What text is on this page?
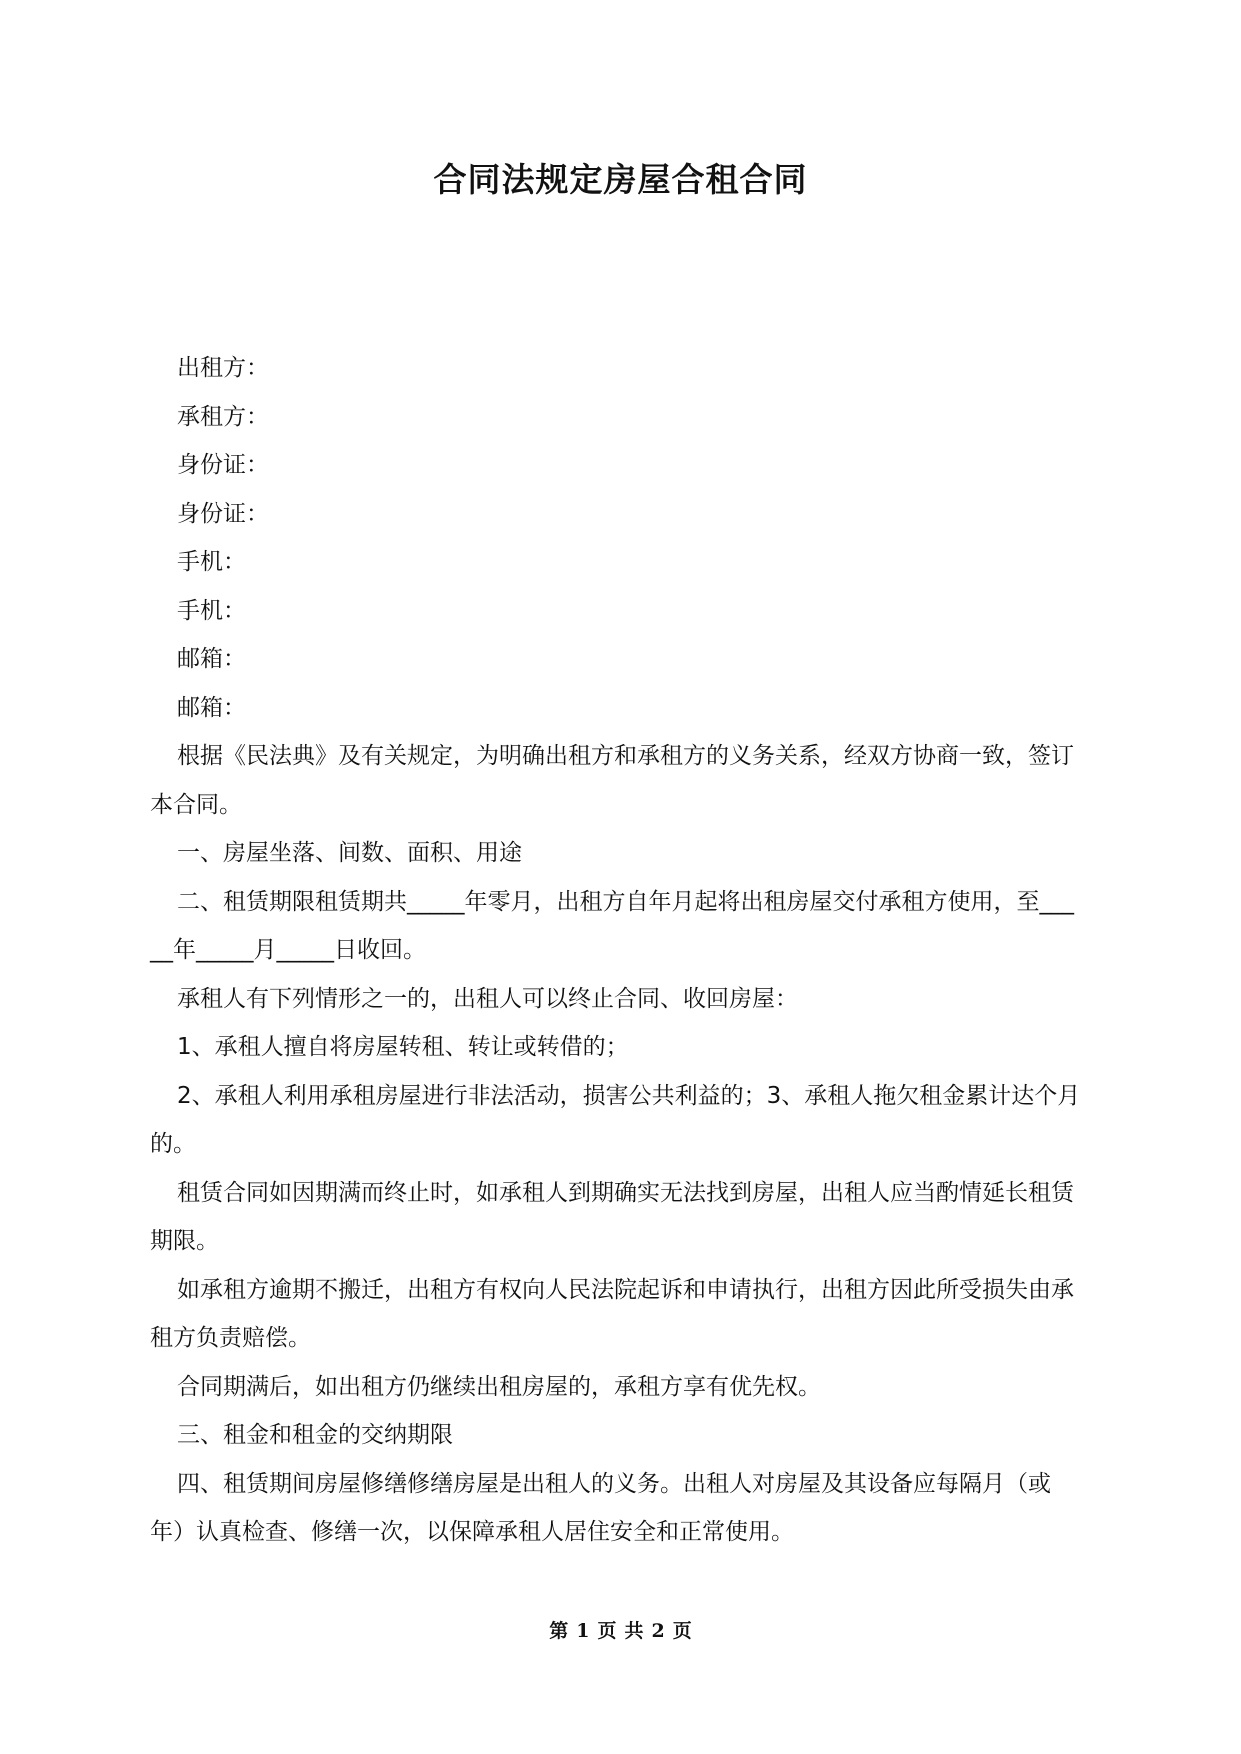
合同法规定房屋合租合同

出租方：

承租方：

身份证：

身份证：

手机：

手机：

邮箱：

邮箱：

根据《民法典》及有关规定，为明确出租方和承租方的义务关系，经双方协商一致，签订本合同。

一、房屋坐落、间数、面积、用途

二、租赁期限租赁期共_____年零月，出租方自年月起将出租房屋交付承租方使用，至_____年_____月_____日收回。

承租人有下列情形之一的，出租人可以终止合同、收回房屋：

1、承租人擅自将房屋转租、转让或转借的；

2、承租人利用承租房屋进行非法活动，损害公共利益的；3、承租人拖欠租金累计达个月的。

租赁合同如因期满而终止时，如承租人到期确实无法找到房屋，出租人应当酌情延长租赁期限。

如承租方逾期不搬迁，出租方有权向人民法院起诉和申请执行，出租方因此所受损失由承租方负责赔偿。

合同期满后，如出租方仍继续出租房屋的，承租方享有优先权。

三、租金和租金的交纳期限

四、租赁期间房屋修缮修缮房屋是出租人的义务。出租人对房屋及其设备应每隔月（或年）认真检查、修缮一次，以保障承租人居住安全和正常使用。

第 1 页 共 2 页
